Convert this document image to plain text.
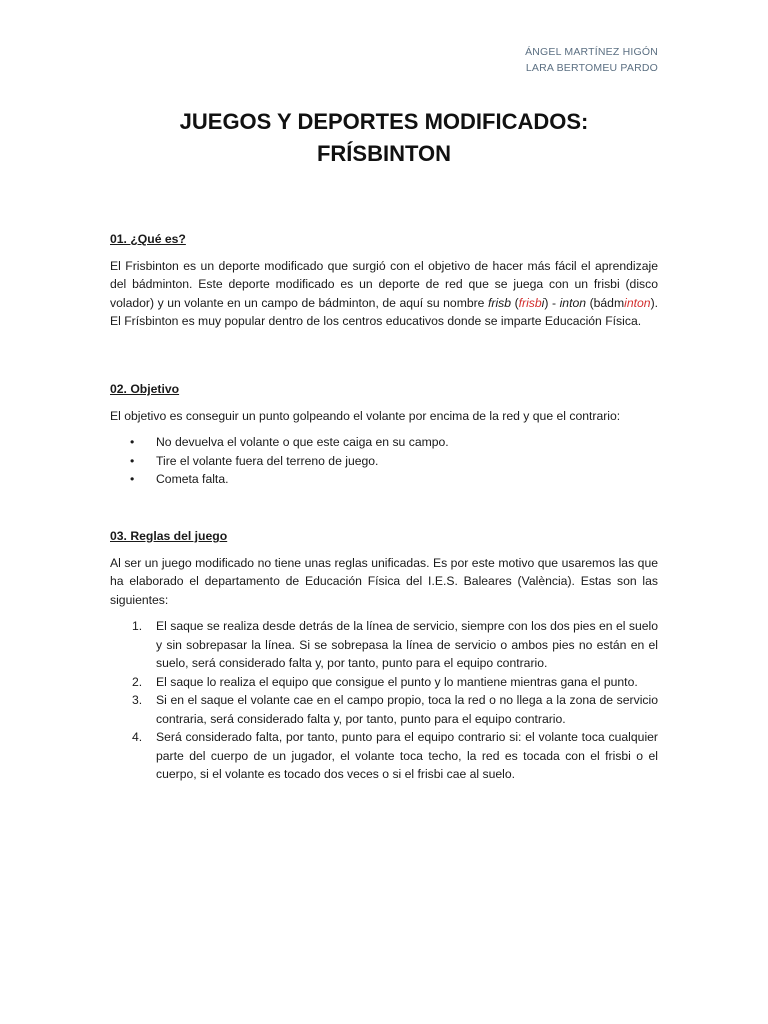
ÁNGEL MARTÍNEZ HIGÓN
LARA BERTOMEU PARDO
JUEGOS Y DEPORTES MODIFICADOS:
FRÍSBINTON

01. ¿Qué es?

El Frisbinton es un deporte modificado que surgió con el objetivo de hacer más fácil el aprendizaje del bádminton. Este deporte modificado es un deporte de red que se juega con un frisbi (disco volador) y un volante en un campo de bádminton, de aquí su nombre frisb (frisbi) - inton (bádminton). El Frísbinton es muy popular dentro de los centros educativos donde se imparte Educación Física.

02. Objetivo

El objetivo es conseguir un punto golpeando el volante por encima de la red y que el contrario:

• No devuelva el volante o que este caiga en su campo.
• Tire el volante fuera del terreno de juego.
• Cometa falta.

03. Reglas del juego

Al ser un juego modificado no tiene unas reglas unificadas. Es por este motivo que usaremos las que ha elaborado el departamento de Educación Física del I.E.S. Baleares (València). Estas son las siguientes:

1. El saque se realiza desde detrás de la línea de servicio, siempre con los dos pies en el suelo y sin sobrepasar la línea. Si se sobrepasa la línea de servicio o ambos pies no están en el suelo, será considerado falta y, por tanto, punto para el equipo contrario.
2. El saque lo realiza el equipo que consigue el punto y lo mantiene mientras gana el punto.
3. Si en el saque el volante cae en el campo propio, toca la red o no llega a la zona de servicio contraria, será considerado falta y, por tanto, punto para el equipo contrario.
4. Será considerado falta, por tanto, punto para el equipo contrario si: el volante toca cualquier parte del cuerpo de un jugador, el volante toca techo, la red es tocada con el frisbi o el cuerpo, si el volante es tocado dos veces o si el frisbi cae al suelo.
